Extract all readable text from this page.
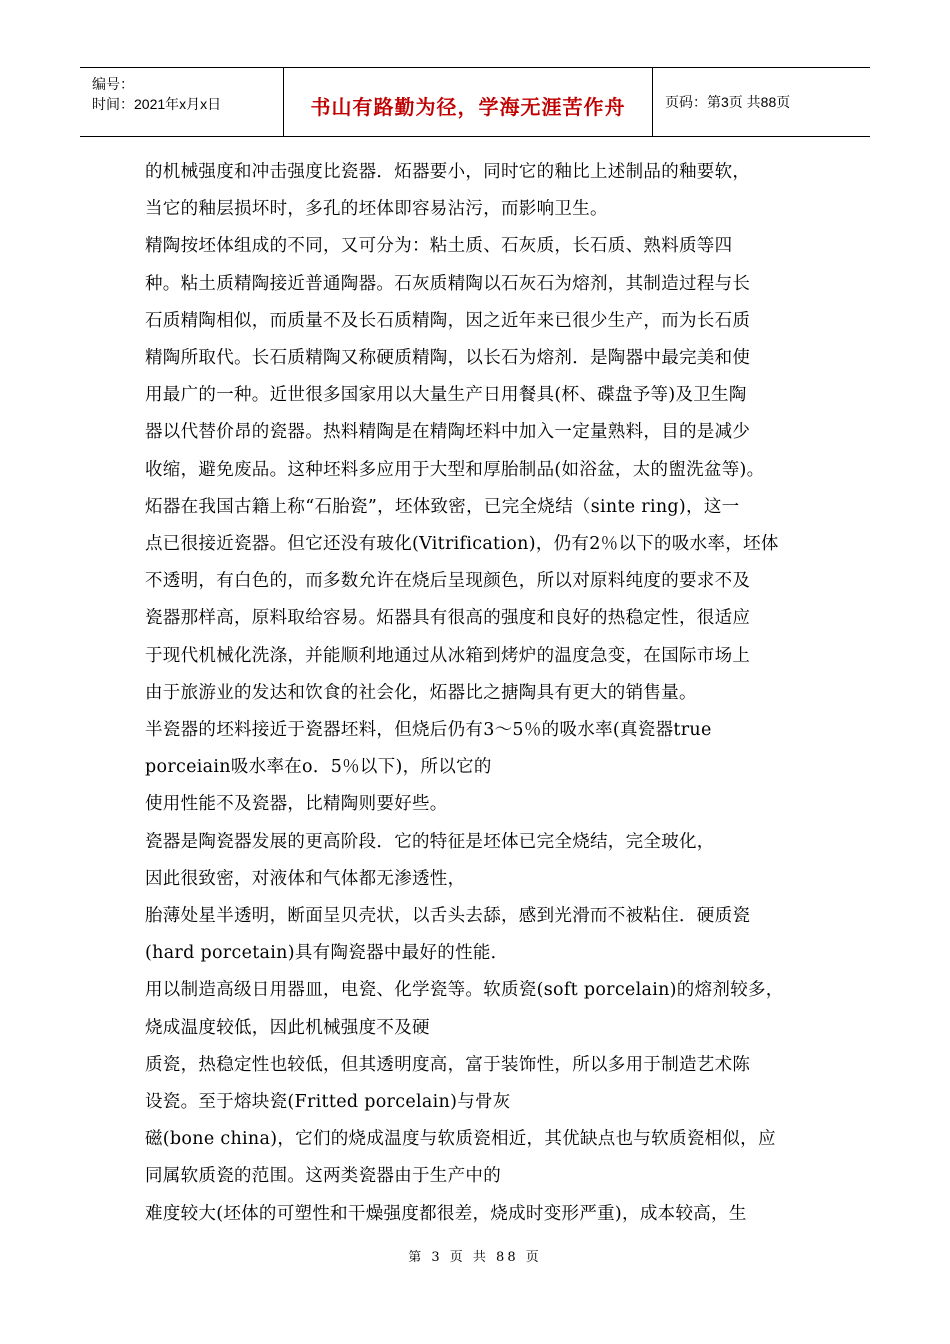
编号：
时间：2021年x月x日	书山有路勤为径，学海无涯苦作舟	页码：第3页 共88页

的机械强度和冲击强度比瓷器．炻器要小，同时它的釉比上述制品的釉要软，

当它的釉层损坏时，多孔的坯体即容易沾污，而影响卫生。

精陶按坯体组成的不同，又可分为：粘土质、石灰质，长石质、熟料质等四

种。粘土质精陶接近普通陶器。石灰质精陶以石灰石为熔剂，其制造过程与长

石质精陶相似，而质量不及长石质精陶，因之近年来已很少生产，而为长石质

精陶所取代。长石质精陶又称硬质精陶，以长石为熔剂．是陶器中最完美和使

用最广的一种。近世很多国家用以大量生产日用餐具(杯、碟盘予等)及卫生陶

器以代替价昂的瓷器。热料精陶是在精陶坯料中加入一定量熟料，目的是减少

收缩，避免废品。这种坯料多应用于大型和厚胎制品(如浴盆，太的盥洗盆等)。

炻器在我国古籍上称“石胎瓷”，坯体致密，已完全烧结（sinte ring)，这一

点已很接近瓷器。但它还没有玻化(Vitrification)，仍有2％以下的吸水率，坯体

不透明，有白色的，而多数允许在烧后呈现颜色，所以对原料纯度的要求不及

瓷器那样高，原料取给容易。炻器具有很高的强度和良好的热稳定性，很适应

于现代机械化洗涤，并能顺利地通过从冰箱到烤炉的温度急变，在国际市场上

由于旅游业的发达和饮食的社会化，炻器比之搪陶具有更大的销售量。

半瓷器的坯料接近于瓷器坯料，但烧后仍有3～5％的吸水率(真瓷器true

porceiain吸水率在o．5％以下)，所以它的

使用性能不及瓷器，比精陶则要好些。

瓷器是陶瓷器发展的更高阶段．它的特征是坯体已完全烧结，完全玻化，

因此很致密，对液体和气体都无渗透性，

胎薄处星半透明，断面呈贝壳状，以舌头去舔，感到光滑而不被粘住．硬质瓷

(hard porcetain)具有陶瓷器中最好的性能．

用以制造高级日用器皿，电瓷、化学瓷等。软质瓷(soft porcelain)的熔剂较多，

烧成温度较低，因此机械强度不及硬

质瓷，热稳定性也较低，但其透明度高，富于装饰性，所以多用于制造艺术陈

设瓷。至于熔块瓷(Fritted porcelain)与骨灰

磁(bone china)，它们的烧成温度与软质瓷相近，其优缺点也与软质瓷相似，应

同属软质瓷的范围。这两类瓷器由于生产中的

难度较大(坯体的可塑性和干燥强度都很差，烧成时变形严重)，成本较高，生

第 3 页 共 88 页
